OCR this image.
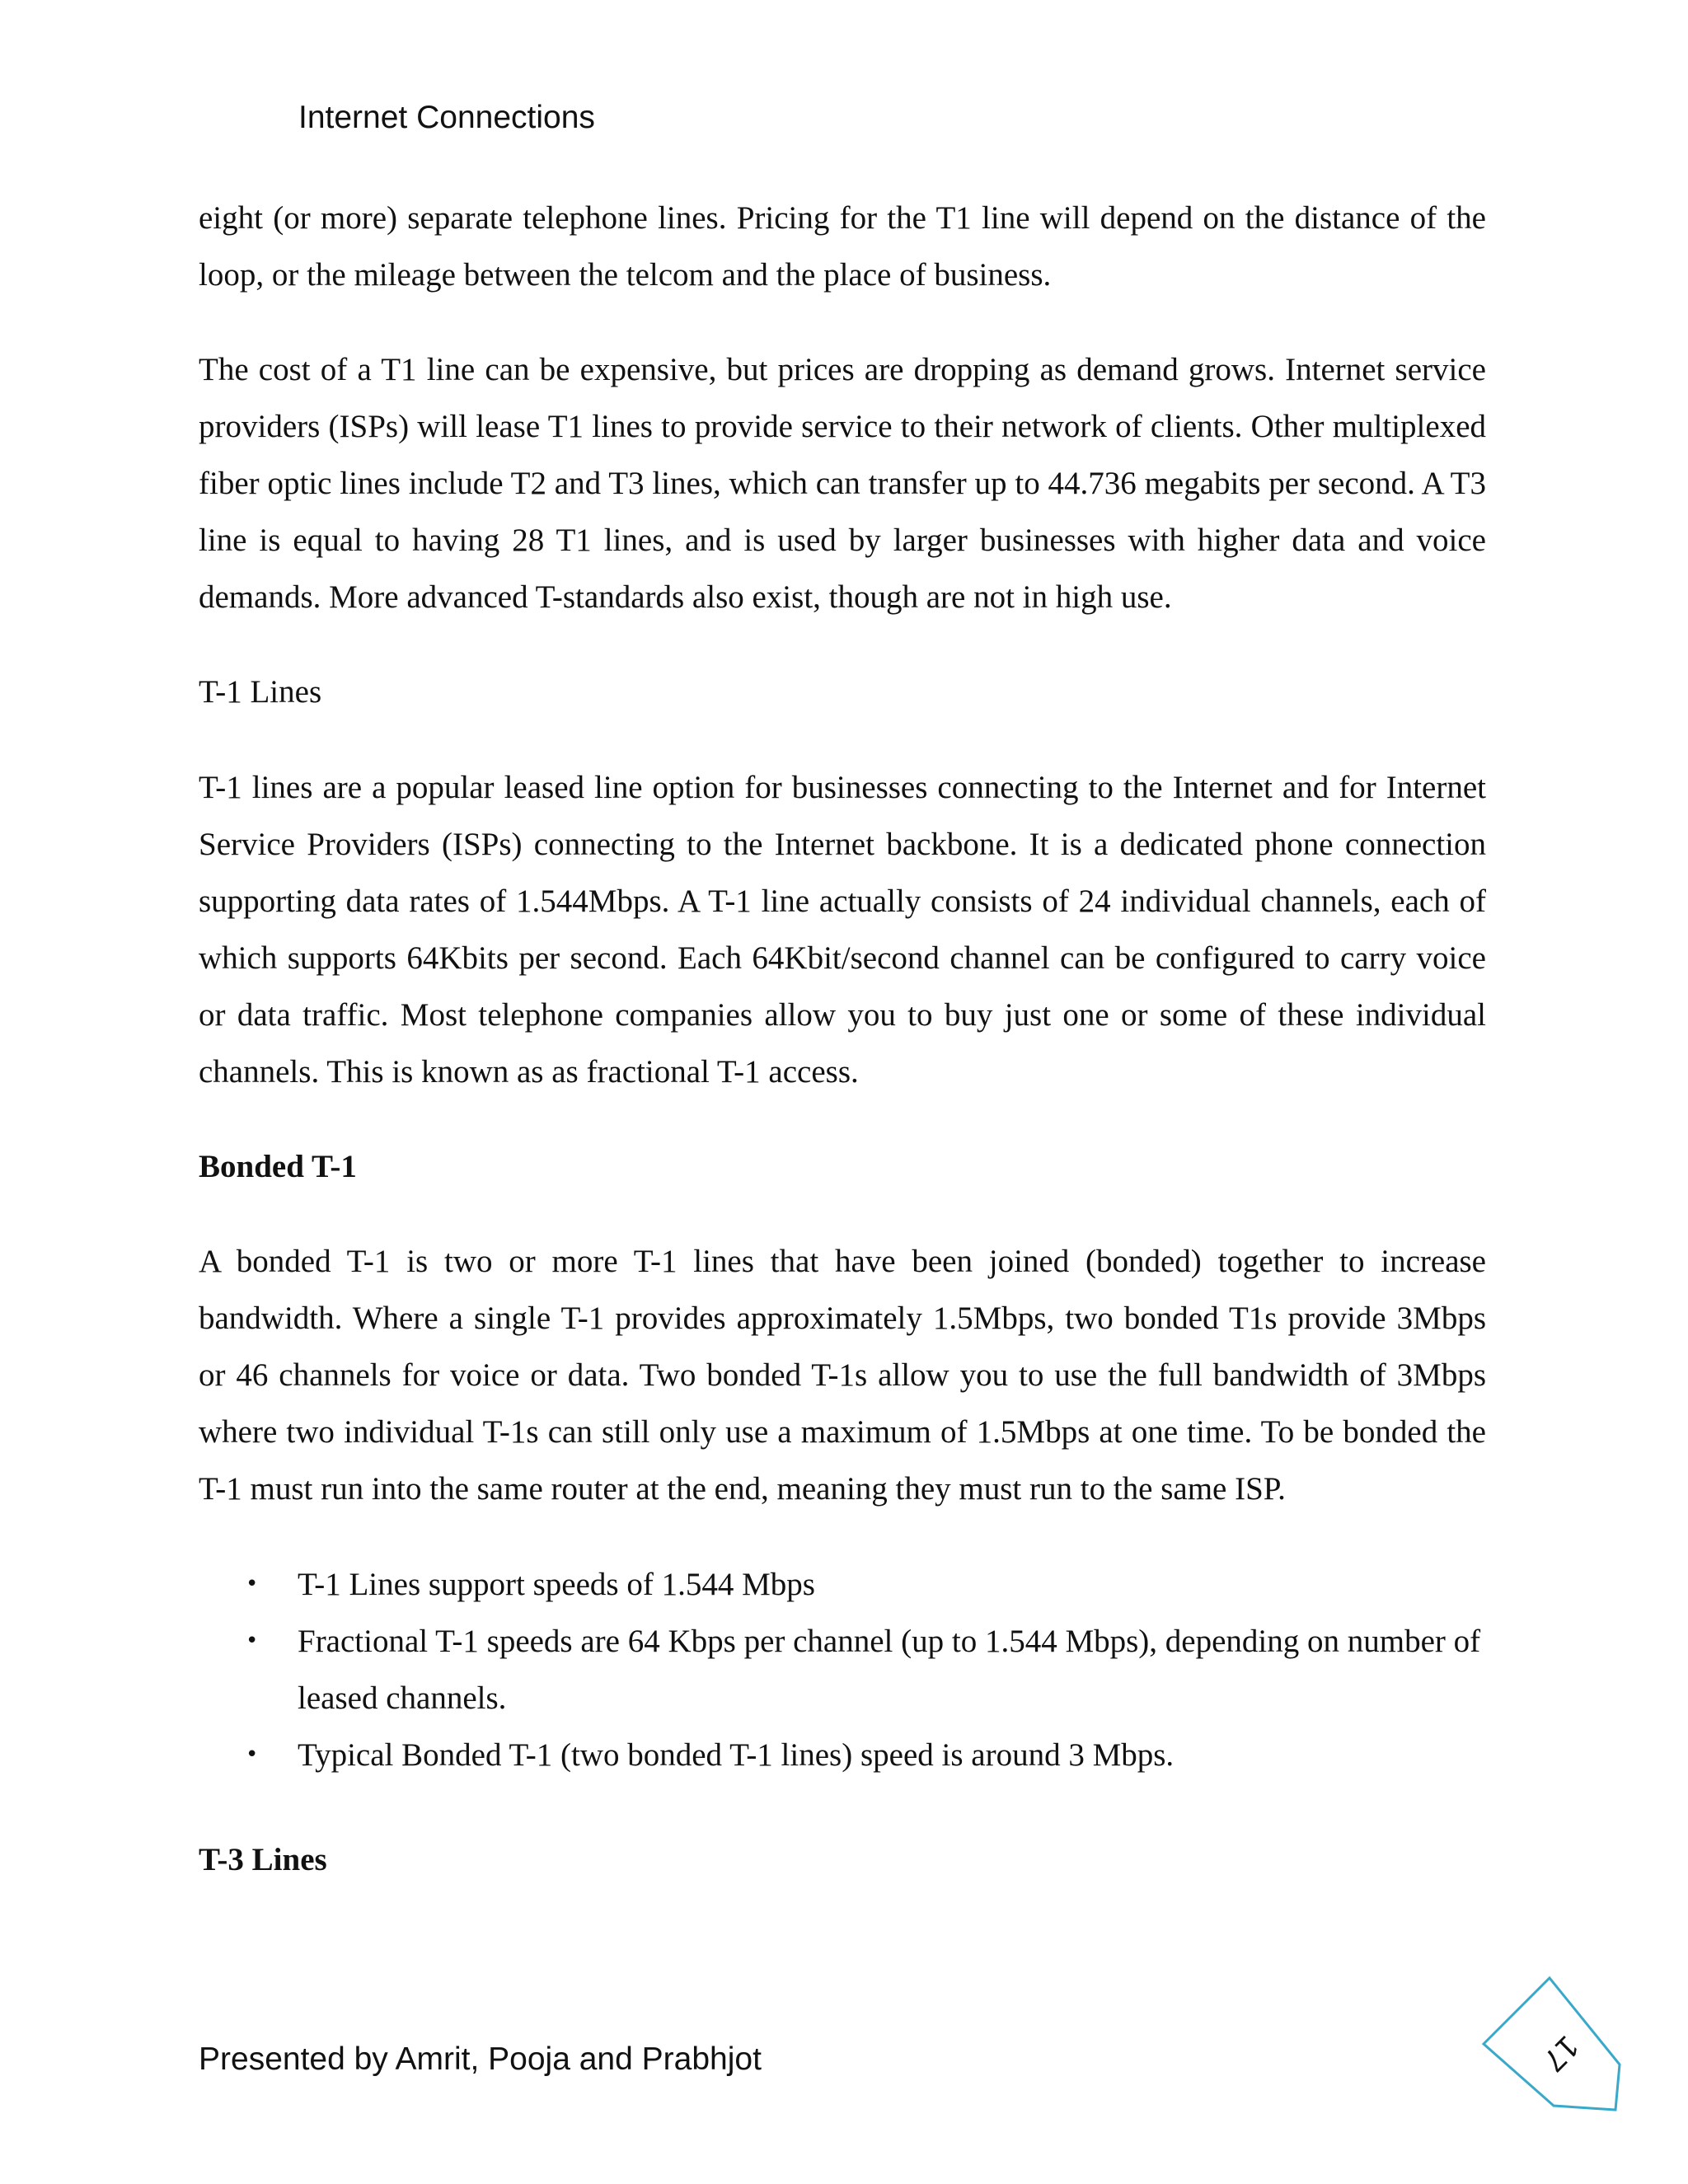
Internet Connections

eight (or more) separate telephone lines. Pricing for the T1 line will depend on the distance of the loop, or the mileage between the telcom and the place of business.

The cost of a T1 line can be expensive, but prices are dropping as demand grows. Internet service providers (ISPs) will lease T1 lines to provide service to their network of clients. Other multiplexed fiber optic lines include T2 and T3 lines, which can transfer up to 44.736 megabits per second. A T3 line is equal to having 28 T1 lines, and is used by larger businesses with higher data and voice demands. More advanced T-standards also exist, though are not in high use.

T-1 Lines

T-1 lines are a popular leased line option for businesses connecting to the Internet and for Internet Service Providers (ISPs) connecting to the Internet backbone. It is a dedicated phone connection supporting data rates of 1.544Mbps. A T-1 line actually consists of 24 individual channels, each of which supports 64Kbits per second. Each 64Kbit/second channel can be configured to carry voice or data traffic. Most telephone companies allow you to buy just one or some of these individual channels. This is known as as fractional T-1 access.

Bonded T-1

A bonded T-1 is two or more T-1 lines that have been joined (bonded) together to increase bandwidth. Where a single T-1 provides approximately 1.5Mbps, two bonded T1s provide 3Mbps or 46 channels for voice or data. Two bonded T-1s allow you to use the full bandwidth of 3Mbps where two individual T-1s can still only use a maximum of 1.5Mbps at one time. To be bonded the T-1 must run into the same router at the end, meaning they must run to the same ISP.

• T-1 Lines support speeds of 1.544 Mbps
• Fractional T-1 speeds are 64 Kbps per channel (up to 1.544 Mbps), depending on number of leased channels.
• Typical Bonded T-1 (two bonded T-1 lines) speed is around 3 Mbps.

T-3 Lines

Presented by Amrit, Pooja and Prabhjot	17
